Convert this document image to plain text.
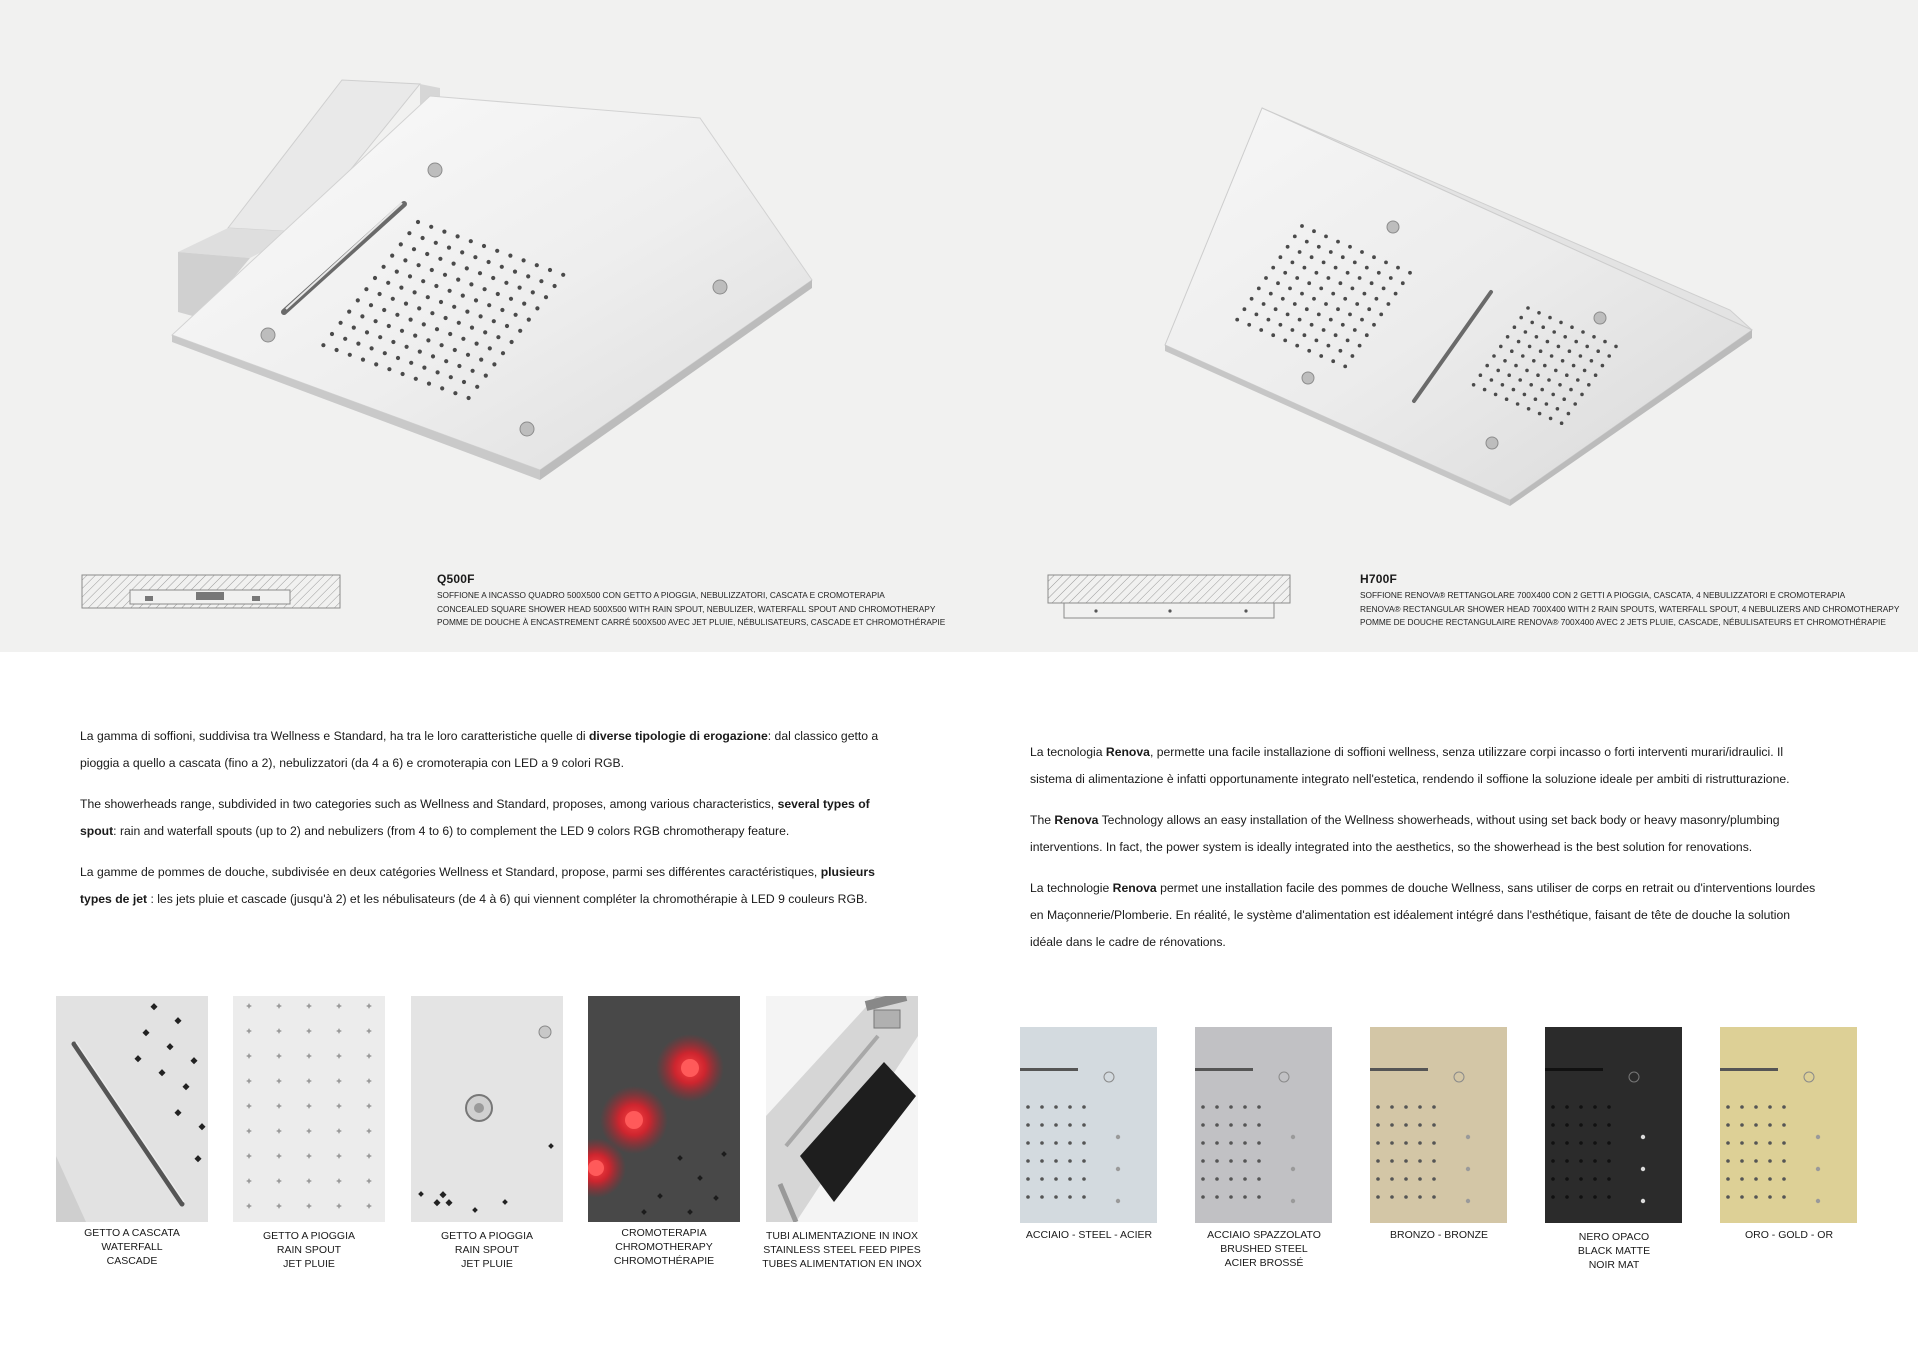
Q500F
SOFFIONE A INCASSO QUADRO 500X500 CON GETTO A PIOGGIA, NEBULIZZATORI, CASCATA E CROMOTERAPIA
CONCEALED SQUARE SHOWER HEAD 500X500 WITH RAIN SPOUT, NEBULIZER, WATERFALL SPOUT AND CHROMOTHERAPY
POMME DE DOUCHE À ENCASTREMENT CARRÉ 500X500 AVEC JET PLUIE, NÉBULISATEURS, CASCADE ET CHROMOTHÉRAPIE
H700F
SOFFIONE RENOVA® RETTANGOLARE 700X400 CON 2 GETTI A PIOGGIA, CASCATA, 4 NEBULIZZATORI E CROMOTERAPIA
RENOVA® RECTANGULAR SHOWER HEAD 700X400 WITH 2 RAIN SPOUTS, WATERFALL SPOUT, 4 NEBULIZERS AND CHROMOTHERAPY
POMME DE DOUCHE RECTANGULAIRE RENOVA® 700X400 AVEC 2 JETS PLUIE, CASCADE, NÉBULISATEURS ET CHROMOTHÉRAPIE

La gamma di soffioni, suddivisa tra Wellness e Standard, ha tra le loro caratteristiche quelle di diverse tipologie di erogazione: dal classico getto a pioggia a quello a cascata (fino a 2), nebulizzatori (da 4 a 6) e cromoterapia con LED a 9 colori RGB.

The showerheads range, subdivided in two categories such as Wellness and Standard, proposes, among various characteristics, several types of spout: rain and waterfall spouts (up to 2) and nebulizers (from 4 to 6) to complement the LED 9 colors RGB chromotherapy feature.

La gamme de pommes de douche, subdivisée en deux catégories Wellness et Standard, propose, parmi ses différentes caractéristiques, plusieurs types de jet : les jets pluie et cascade (jusqu'à 2) et les nébulisateurs (de 4 à 6) qui viennent compléter la chromothérapie à LED 9 couleurs RGB.

La tecnologia Renova, permette una facile installazione di soffioni wellness, senza utilizzare corpi incasso o forti interventi murari/idraulici. Il sistema di alimentazione è infatti opportunamente integrato nell'estetica, rendendo il soffione la soluzione ideale per ambiti di ristrutturazione.

The Renova Technology allows an easy installation of the Wellness showerheads, without using set back body or heavy masonry/plumbing interventions. In fact, the power system is ideally integrated into the aesthetics, so the showerhead is the best solution for renovations.

La technologie Renova permet une installation facile des pommes de douche Wellness, sans utiliser de corps en retrait ou d'interventions lourdes en Maçonnerie/Plomberie. En réalité, le système d'alimentation est idéalement intégré dans l'esthétique, faisant de tête de douche la solution idéale dans le cadre de rénovations.

GETTO A CASCATA
WATERFALL
CASCADE
GETTO A PIOGGIA
RAIN SPOUT
JET PLUIE
GETTO A PIOGGIA
RAIN SPOUT
JET PLUIE
CROMOTERAPIA
CHROMOTHERAPY
CHROMOTHÉRAPIE
TUBI ALIMENTAZIONE IN INOX
STAINLESS STEEL FEED PIPES
TUBES ALIMENTATION EN INOX
ACCIAIO - STEEL - ACIER	ACCIAIO SPAZZOLATO
BRUSHED STEEL
ACIER BROSSÉ
BRONZO - BRONZE	NERO OPACO
BLACK MATTE
NOIR MAT
ORO - GOLD - OR
